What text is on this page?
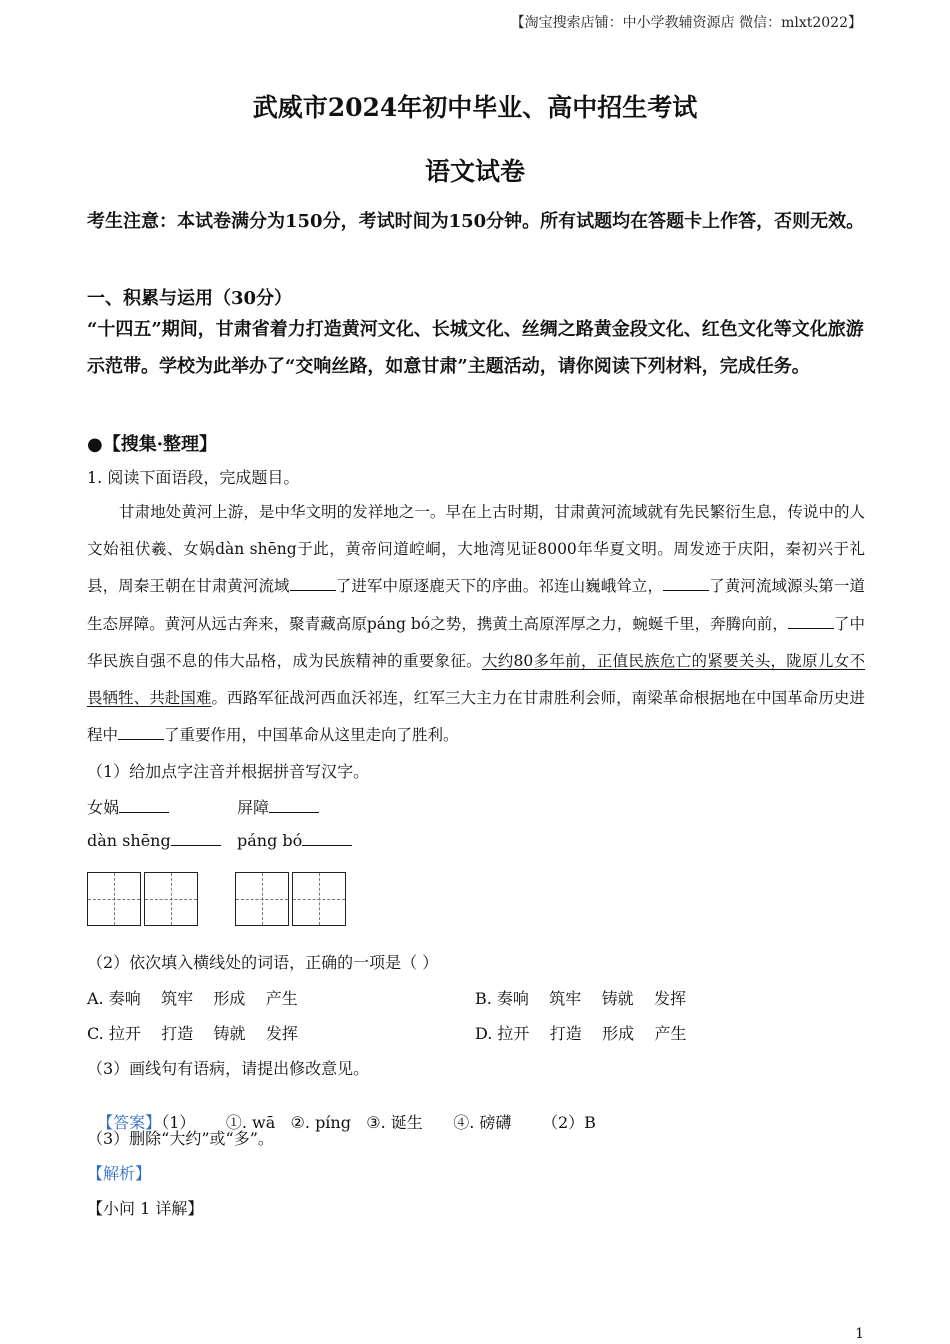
【淘宝搜索店铺：中小学教辅资源店 微信：mlxt2022】
武威市2024年初中毕业、高中招生考试
语文试卷
考生注意：本试卷满分为150分，考试时间为150分钟。所有试题均在答题卡上作答，否则无效。
一、积累与运用（30分）
“十四五”期间，甘肃省着力打造黄河文化、长城文化、丝绸之路黄金段文化、红色文化等文化旅游示范带。学校为此举办了“交响丝路，如意甘肃”主题活动，请你阅读下列材料，完成任务。
●【搜集·整理】
1. 阅读下面语段，完成题目。
甘肃地处黄河上游，是中华文明的发祥地之一。早在上古时期，甘肃黄河流域就有先民繁衍生息，传说中的人文始祖伏羲、女娲dàn shēng于此，黄帝问道崆峒，大地湾见证8000年华夏文明。周发迹于庆阳，秦初兴于礼县，周秦王朝在甘肃黄河流域	了进军中原逐鹿天下的序曲。祁连山巍峨耸立，	了黄河流域源头第一道生态屏障。黄河从远古奔来，聚青藏高原páng bó之势，携黄土高原浑厚之力，蜿蜒千里，奔腾向前，	了中华民族自强不息的伟大品格，成为民族精神的重要象征。大约80多年前，正值民族危亡的紧要关头，陇原儿女不畏牺牲、共赴国难。西路军征战河西血沃祁连，红军三大主力在甘肃胜利会师，南梁革命根据地在中国革命历史进程中	了重要作用，中国革命从这里走向了胜利。
（1）给加点字注音并根据拼音写汉字。
女娲	屏障
dàn shēng	páng bó
（2）依次填入横线处的词语，正确的一项是（ ）
A. 奏响    筑牢    形成    产生	B. 奏响    筑牢    铸就    发挥
C. 拉开    打造    铸就    发挥	D. 拉开    打造    形成    产生
（3）画线句有语病，请提出修改意见。

【答案】（1）      ①. wā   ②. píng   ③. 诞生      ④. 磅礴      （2）B

（3）删除“大约”或“多”。
【解析】
【小问 1 详解】
1
